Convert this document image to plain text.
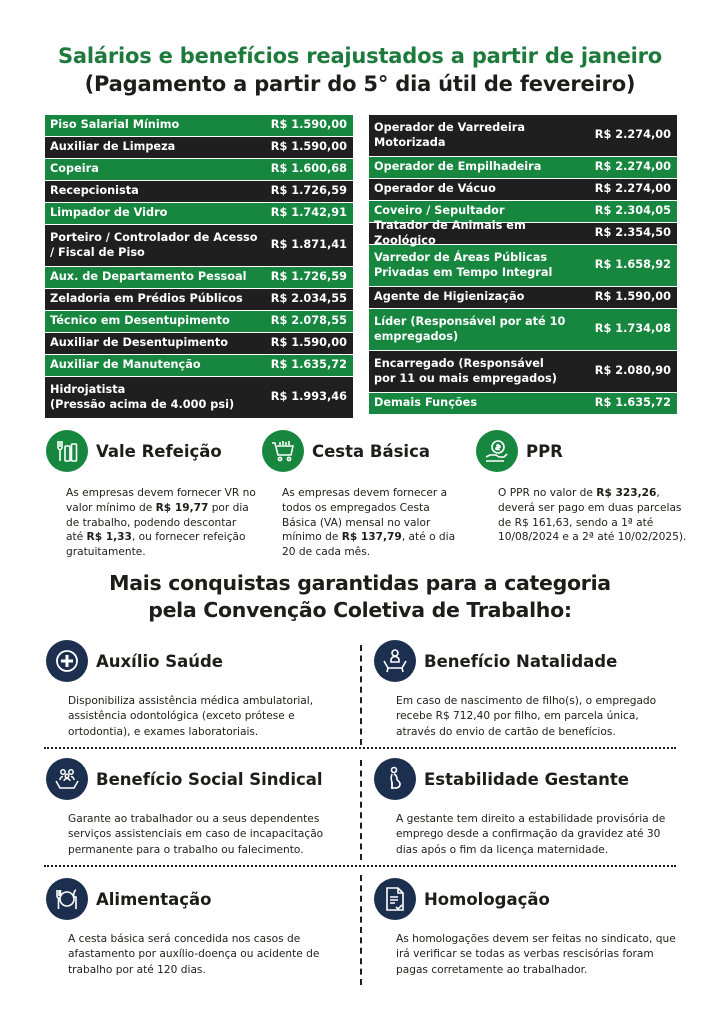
Salários e benefícios reajustados a partir de janeiro
(Pagamento a partir do 5° dia útil de fevereiro)
Piso Salarial Mínimo	R$ 1.590,00
Auxiliar de Limpeza	R$ 1.590,00
Copeira	R$ 1.600,68
Recepcionista	R$ 1.726,59
Limpador de Vidro	R$ 1.742,91
Porteiro / Controlador de Acesso / Fiscal de Piso
R$ 1.871,41
Aux. de Departamento Pessoal	R$ 1.726,59
Zeladoria em Prédios Públicos	R$ 2.034,55
Técnico em Desentupimento	R$ 2.078,55
Auxiliar de Desentupimento	R$ 1.590,00
Auxiliar de Manutenção	R$ 1.635,72
Hidrojatista
(Pressão acima de 4.000 psi)
R$ 1.993,46
Operador de Varredeira Motorizada
R$ 2.274,00
Operador de Empilhadeira	R$ 2.274,00
Operador de Vácuo	R$ 2.274,00
Coveiro / Sepultador	R$ 2.304,05
Tratador de Animais em Zoológico
R$ 2.354,50
Varredor de Áreas Públicas Privadas em Tempo Integral
R$ 1.658,92
Agente de Higienização	R$ 1.590,00
Líder (Responsável por até 10 empregados)
R$ 1.734,08
Encarregado (Responsável por 11 ou mais empregados)
R$ 2.080,90
Demais Funções	R$ 1.635,72
Vale Refeição
As empresas devem fornecer VR no valor mínimo de R$ 19,77 por dia de trabalho, podendo descontar até R$ 1,33, ou fornecer refeição gratuitamente.
Cesta Básica
As empresas devem fornecer a todos os empregados Cesta Básica (VA) mensal no valor mínimo de R$ 137,79, até o dia 20 de cada mês.
PPR
O PPR no valor de R$ 323,26, deverá ser pago em duas parcelas de R$ 161,63, sendo a 1ª até 10/08/2024 e a 2ª até 10/02/2025).
Mais conquistas garantidas para a categoria
pela Convenção Coletiva de Trabalho:
Auxílio Saúde
Disponibiliza assistência médica ambulatorial, assistência odontológica (exceto prótese e ortodontia), e exames laboratoriais.
Benefício Natalidade
Em caso de nascimento de filho(s), o empregado recebe R$ 712,40 por filho, em parcela única, através do envio de cartão de benefícios.
Benefício Social Sindical
Garante ao trabalhador ou a seus dependentes serviços assistenciais em caso de incapacitação permanente para o trabalho ou falecimento.
Estabilidade Gestante
A gestante tem direito a estabilidade provisória de emprego desde a confirmação da gravidez até 30 dias após o fim da licença maternidade.
Alimentação
A cesta básica será concedida nos casos de afastamento por auxílio-doença ou acidente de trabalho por até 120 dias.
Homologação
As homologações devem ser feitas no sindicato, que irá verificar se todas as verbas rescisórias foram pagas corretamente ao trabalhador.
